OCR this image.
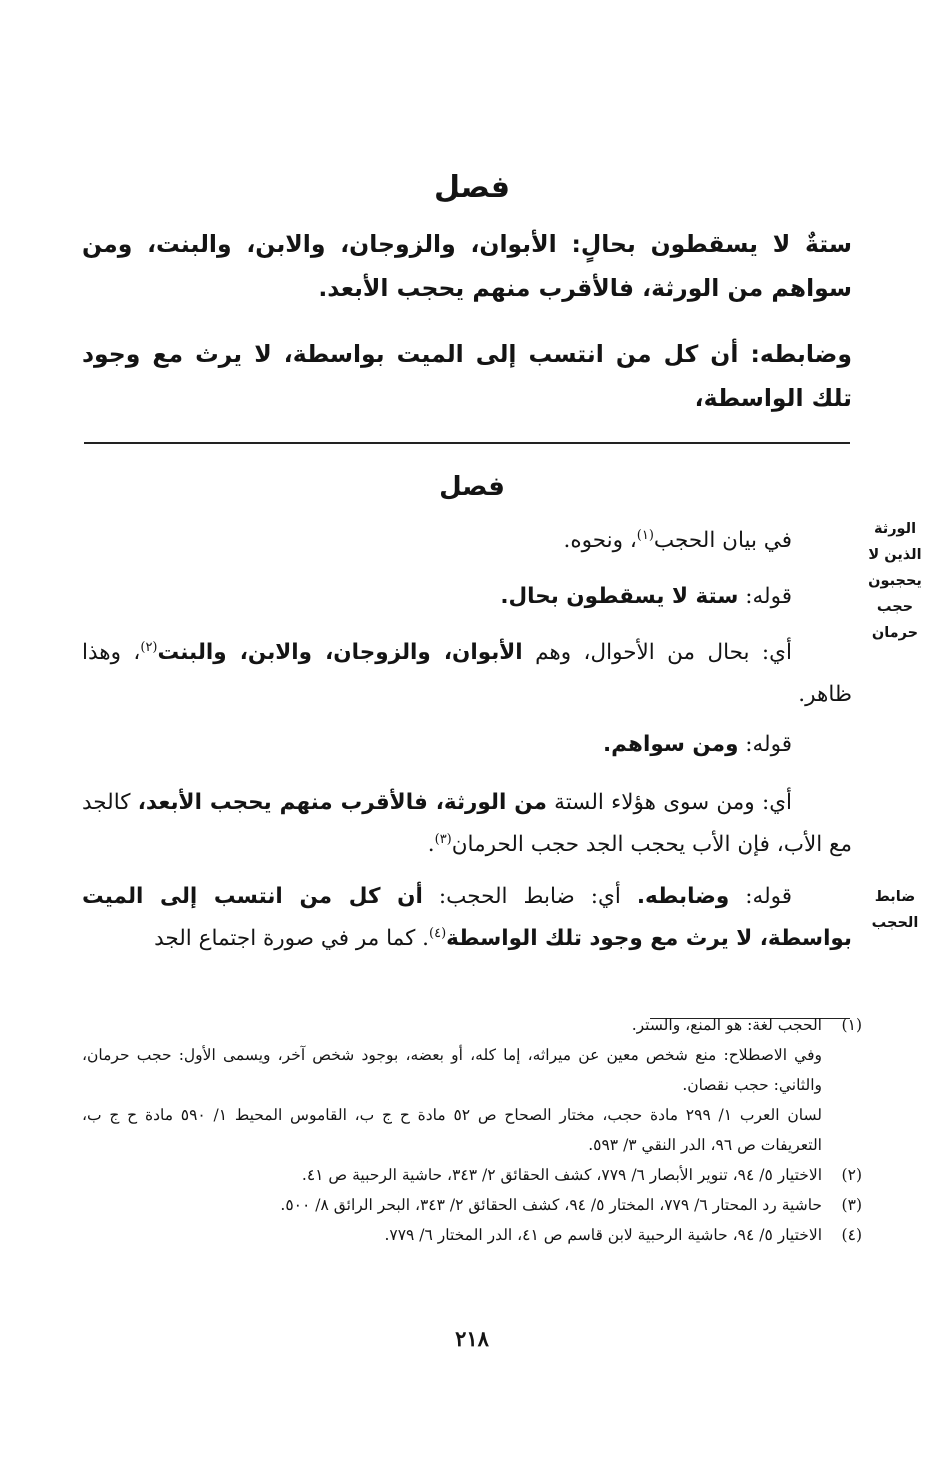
فصل

ستةٌ لا يسقطون بحالٍ: الأبوان، والزوجان، والابن، والبنت، ومن سواهم من الورثة، فالأقرب منهم يحجب الأبعد.

وضابطه: أن كل من انتسب إلى الميت بواسطة، لا يرث مع وجود تلك الواسطة،

فصل

في بيان الحجب$^{(١)}$، ونحوه.

قوله: ستة لا يسقطون بحال.

أي: بحال من الأحوال، وهم الأبوان، والزوجان، والابن، والبنت$^{(٢)}$، وهذا ظاهر.

قوله: ومن سواهم.

أي: ومن سوى هؤلاء الستة من الورثة، فالأقرب منهم يحجب الأبعد، كالجد مع الأب، فإن الأب يحجب الجد حجب الحرمان$^{(٣)}$.

قوله: وضابطه. أي: ضابط الحجب: أن كل من انتسب إلى الميت بواسطة، لا يرث مع وجود تلك الواسطة$^{(٤)}$. كما مر في صورة اجتماع الجد

الورثة
الذين لا
يحجبون
حجب
حرمان
ضابط
الحجب
(١)
الحجب لغة: هو المنع، والستر.

وفي الاصطلاح: منع شخص معين عن ميراثه، إما كله، أو بعضه، بوجود شخص آخر، ويسمى الأول: حجب حرمان، والثاني: حجب نقصان.

لسان العرب ١/ ٢٩٩ مادة حجب، مختار الصحاح ص ٥٢ مادة ح ج ب، القاموس المحيط ١/ ٥٩٠ مادة ح ج ب، التعريفات ص ٩٦، الدر النقي ٣/ ٥٩٣.

(٢)
الاختيار ٥/ ٩٤، تنوير الأبصار ٦/ ٧٧٩، كشف الحقائق ٢/ ٣٤٣، حاشية الرحبية ص ٤١.
(٣)
حاشية رد المحتار ٦/ ٧٧٩، المختار ٥/ ٩٤، كشف الحقائق ٢/ ٣٤٣، البحر الرائق ٨/ ٥٠٠.
(٤)
الاختيار ٥/ ٩٤، حاشية الرحبية لابن قاسم ص ٤١، الدر المختار ٦/ ٧٧٩.
٢١٨
